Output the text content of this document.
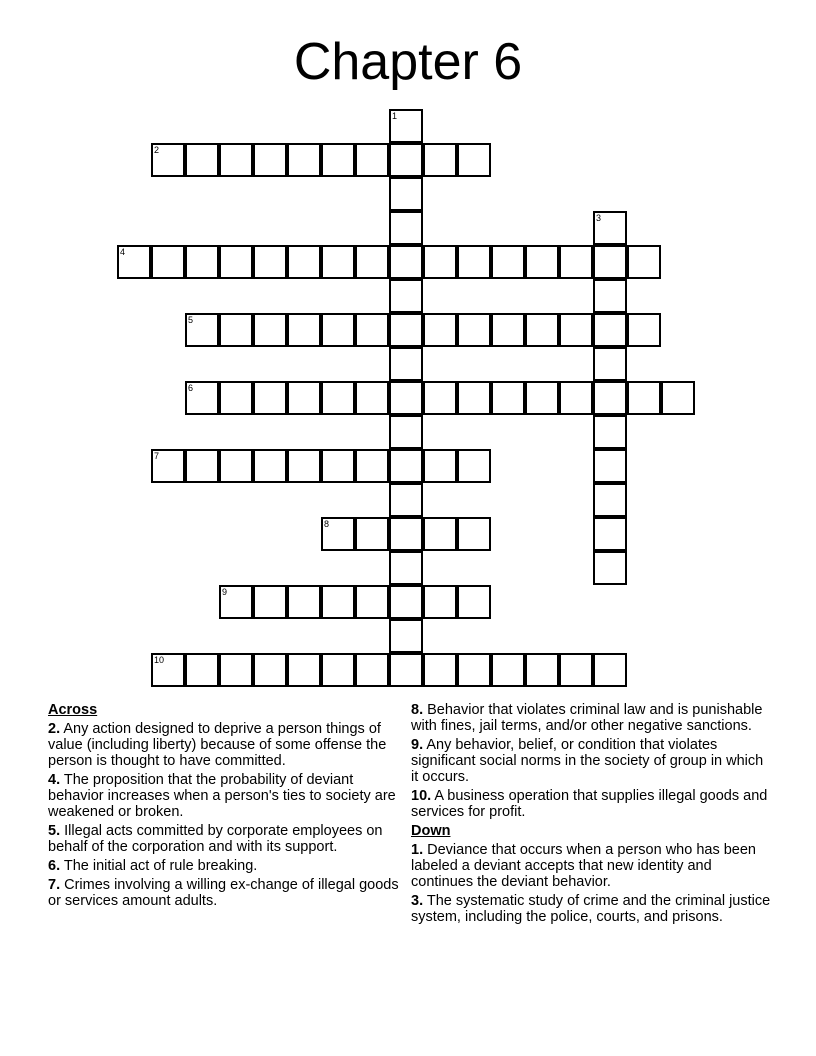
Chapter 6
1
2
3
4
5
6
7
8
9
10
Across
2. Any action designed to deprive a person things of value (including liberty) because of some offense the person is thought to have committed.
4. The proposition that the probability of deviant behavior increases when a person's ties to society are weakened or broken.
5. Illegal acts committed by corporate employees on behalf of the corporation and with its support.
6. The initial act of rule breaking.
7. Crimes involving a willing ex-change of illegal goods or services amount adults.
8. Behavior that violates criminal law and is punishable with fines, jail terms, and/or other negative sanctions.
9. Any behavior, belief, or condition that violates significant social norms in the society of group in which it occurs.
10. A business operation that supplies illegal goods and services for profit.
Down
1. Deviance that occurs when a person who has been labeled a deviant accepts that new identity and continues the deviant behavior.
3. The systematic study of crime and the criminal justice system, including the police, courts, and prisons.
